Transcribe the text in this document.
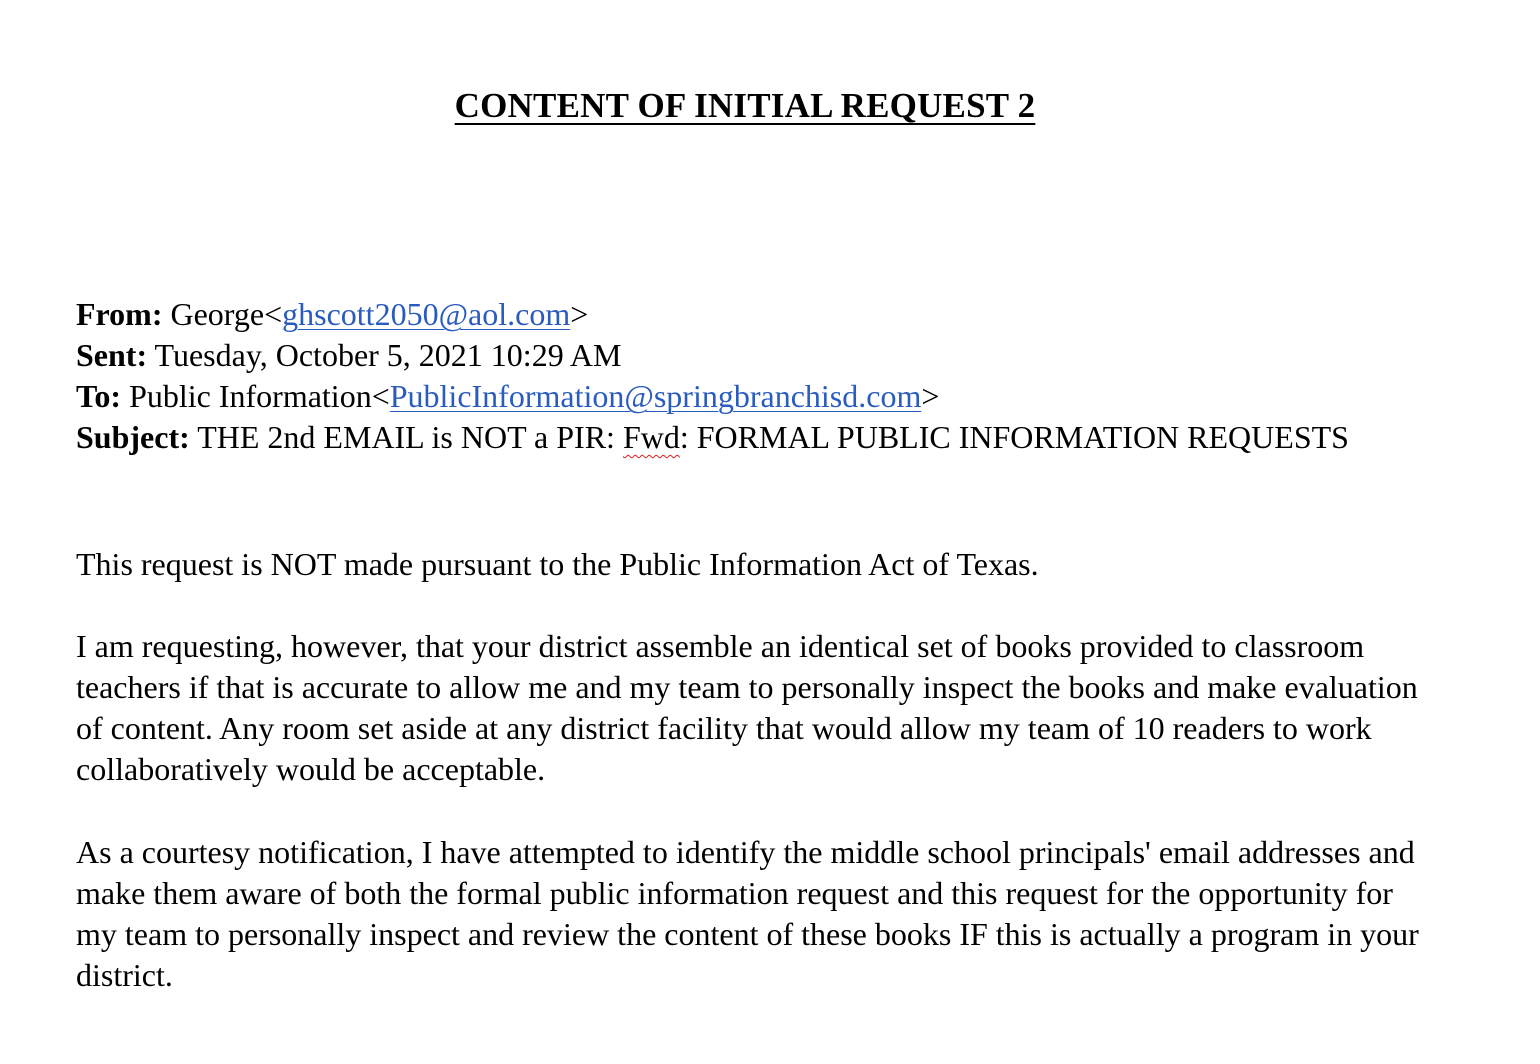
CONTENT OF INITIAL REQUEST 2
From: George<ghscott2050@aol.com>
Sent: Tuesday, October 5, 2021 10:29 AM
To: Public Information<PublicInformation@springbranchisd.com>
Subject: THE 2nd EMAIL is NOT a PIR: Fwd: FORMAL PUBLIC INFORMATION REQUESTS
This request is NOT made pursuant to the Public Information Act of Texas.
I am requesting, however, that your district assemble an identical set of books provided to classroom teachers if that is accurate to allow me and my team to personally inspect the books and make evaluation of content. Any room set aside at any district facility that would allow my team of 10 readers to work collaboratively would be acceptable.
As a courtesy notification, I have attempted to identify the middle school principals' email addresses and make them aware of both the formal public information request and this request for the opportunity for my team to personally inspect and review the content of these books IF this is actually a program in your district.
